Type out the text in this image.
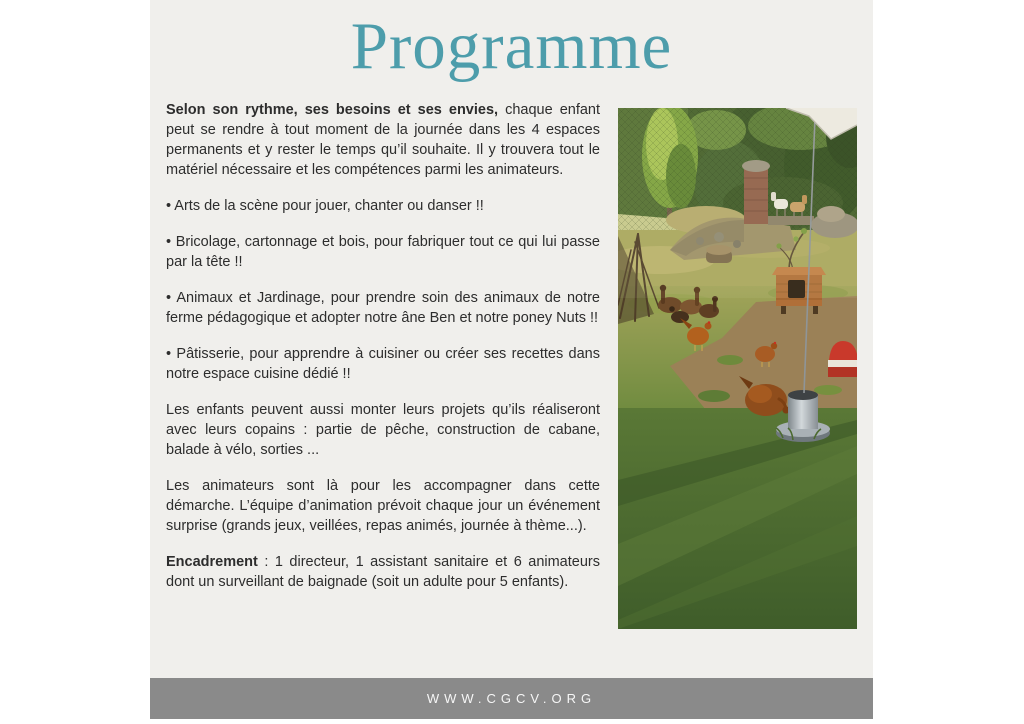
Programme

Selon son rythme, ses besoins et ses envies, chaque enfant peut se rendre à tout moment de la journée dans les 4 espaces permanents et y rester le temps qu’il souhaite. Il y trouvera tout le matériel nécessaire et les compétences parmi les animateurs.

• Arts de la scène pour jouer, chanter ou danser !!

• Bricolage, cartonnage et bois, pour fabriquer tout ce qui lui passe par la tête !!

• Animaux et Jardinage, pour prendre soin des animaux de notre ferme pédagogique et adopter notre âne Ben et notre poney Nuts !!

• Pâtisserie, pour apprendre à cuisiner ou créer ses recettes dans notre espace cuisine dédié !!

Les enfants peuvent aussi monter leurs projets qu’ils réaliseront avec leurs copains : partie de pêche, construction de cabane, balade à vélo, sorties ...

Les animateurs sont là pour les accompagner dans cette démarche. L’équipe d’animation prévoit chaque jour un événement surprise (grands jeux, veillées, repas animés, journée à thème...).

Encadrement : 1 directeur, 1 assistant sanitaire et 6 animateurs dont un surveillant de baignade (soit un adulte pour 5 enfants).

WWW.CGCV.ORG
